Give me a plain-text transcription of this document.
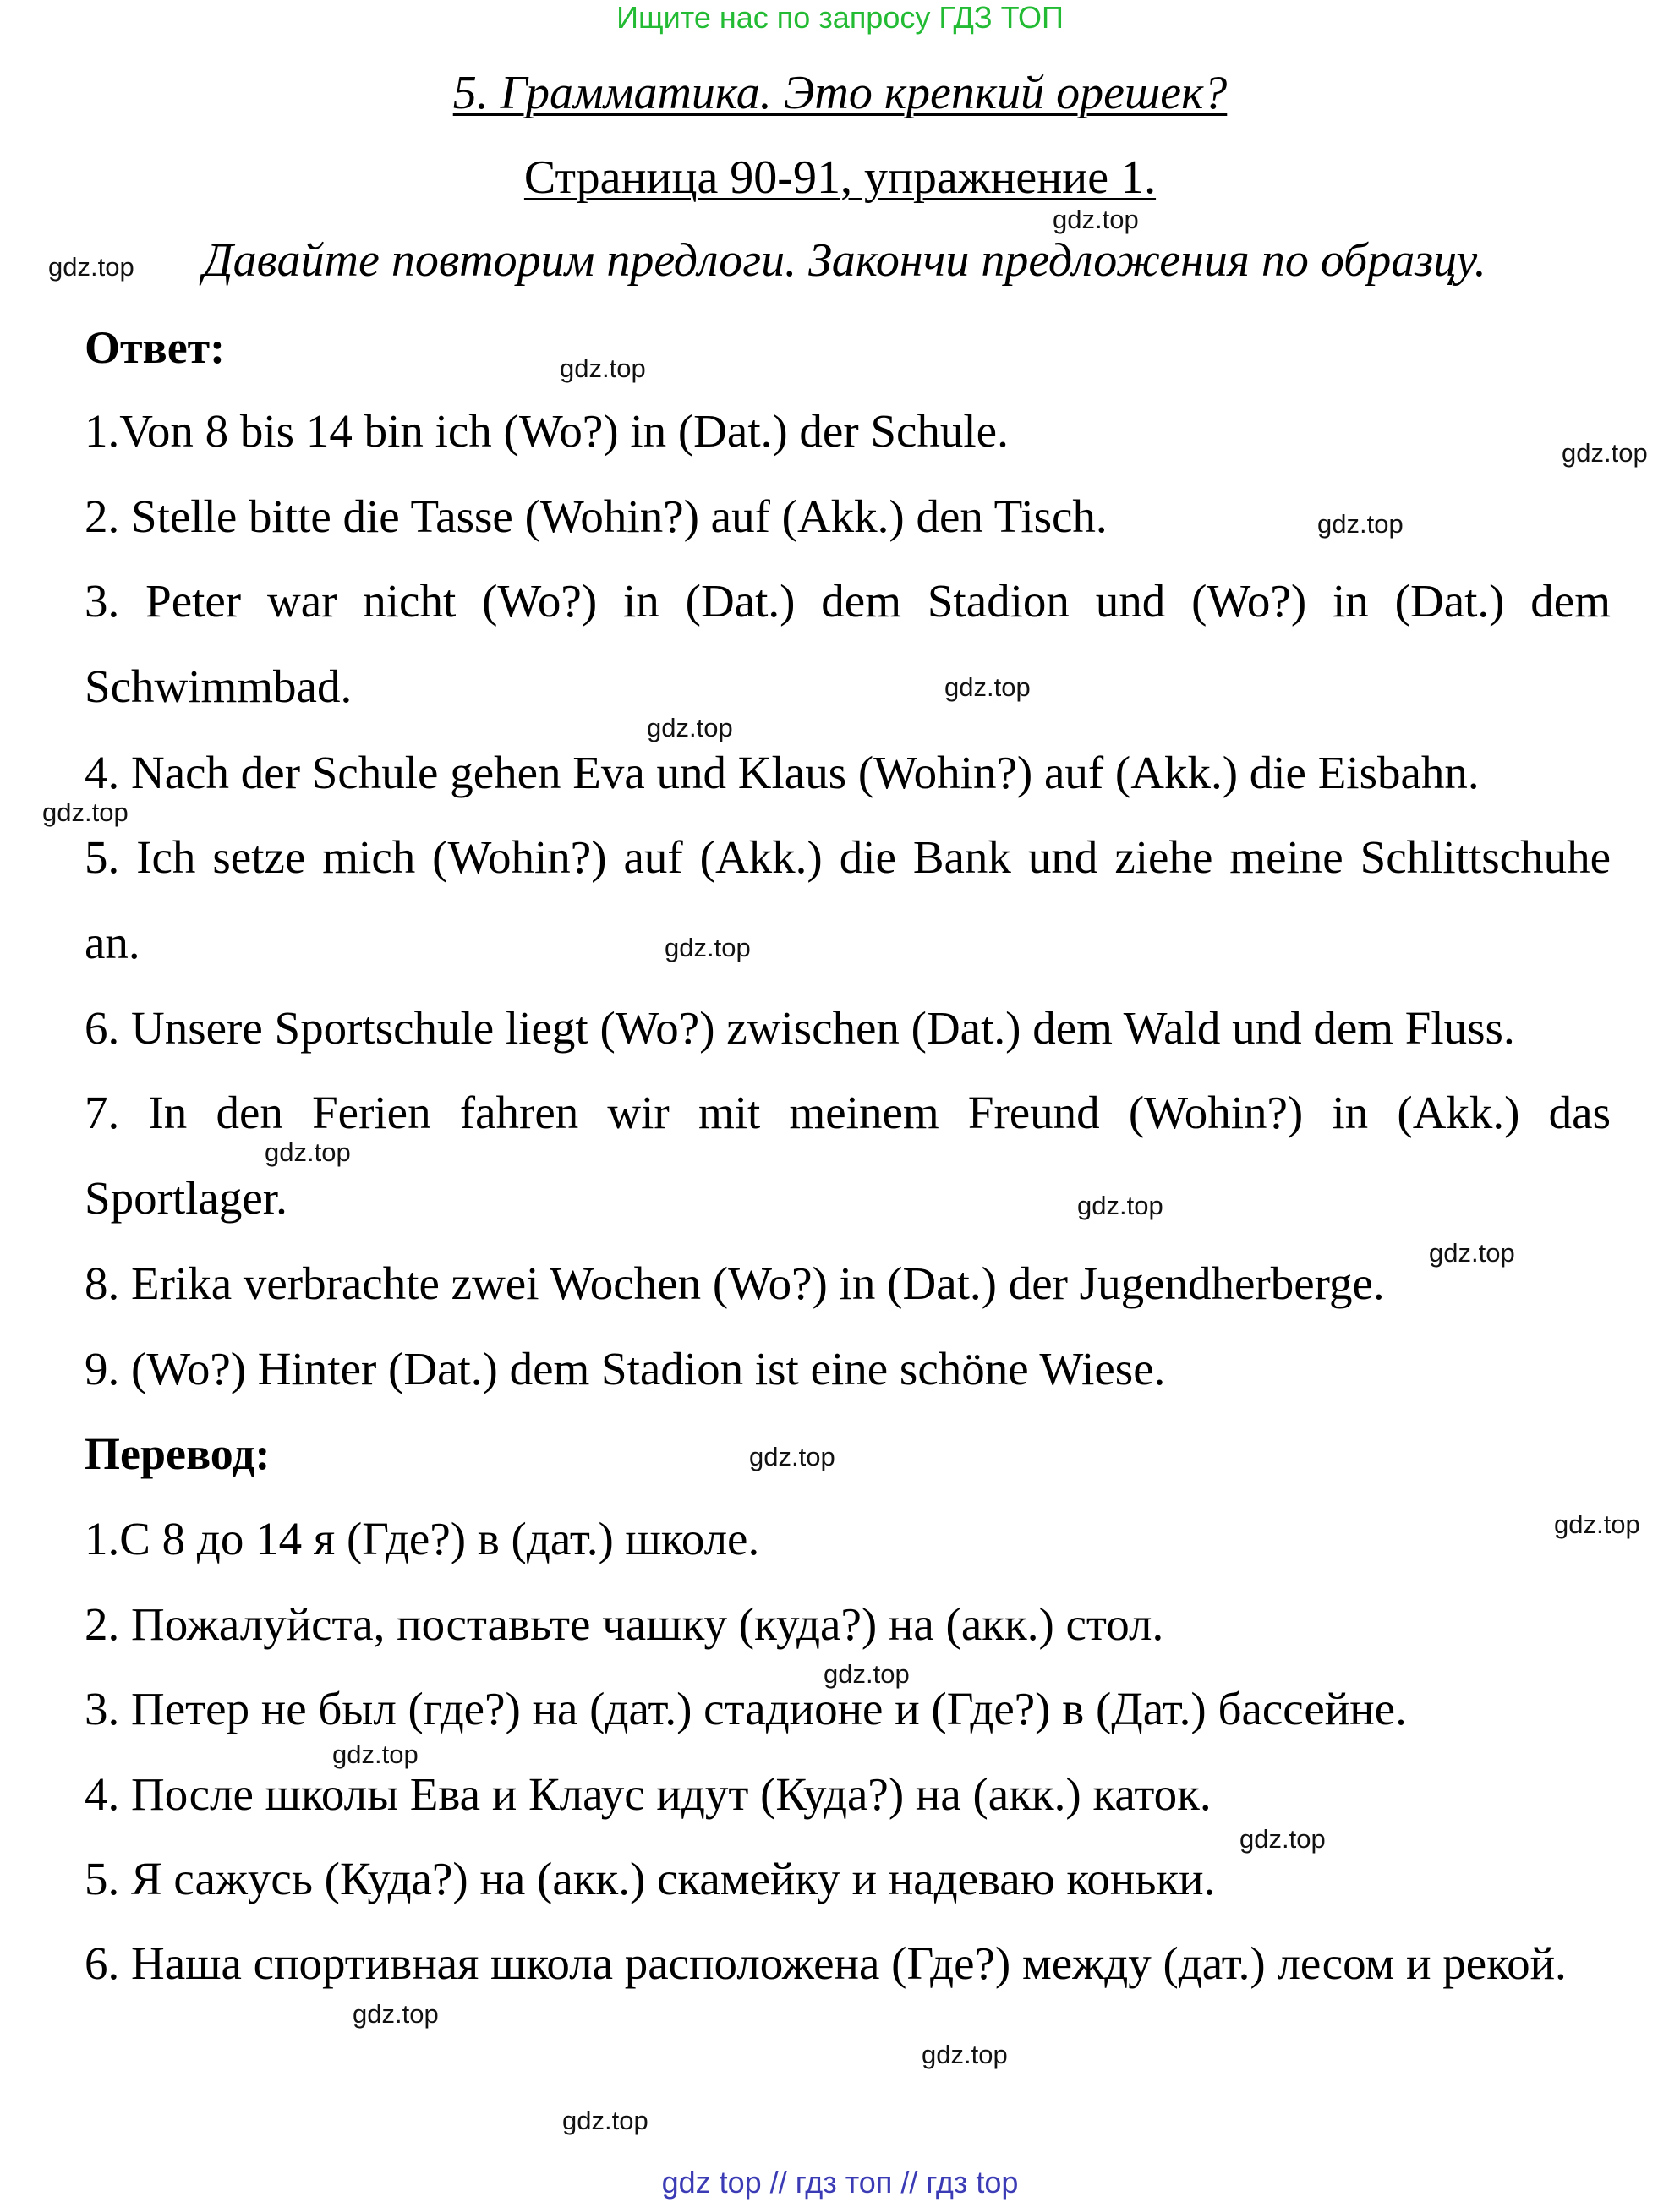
Ищите нас по запросу ГДЗ ТОП
5. Грамматика. Это крепкий орешек?
Страница 90-91, упражнение 1.
Давайте повторим предлоги. Закончи предложения по образцу.
Ответ:
1.Von 8 bis 14 bin ich (Wo?) in (Dat.) der Schule.
2. Stelle bitte die Tasse (Wohin?) auf (Akk.) den Tisch.
3. Peter war nicht (Wo?) in (Dat.) dem Stadion und (Wo?) in (Dat.) dem Schwimmbad.
4. Nach der Schule gehen Eva und Klaus (Wohin?) auf (Akk.) die Eisbahn.
5. Ich setze mich (Wohin?) auf (Akk.) die Bank und ziehe meine Schlittschuhe an.
6. Unsere Sportschule liegt (Wo?) zwischen (Dat.) dem Wald und dem Fluss.
7. In den Ferien fahren wir mit meinem Freund (Wohin?) in (Akk.) das Sportlager.
8. Erika verbrachte zwei Wochen (Wo?) in (Dat.) der Jugendherberge.
9. (Wo?) Hinter (Dat.) dem Stadion ist eine schöne Wiese.
Перевод:
1.С 8 до 14 я (Где?) в (дат.) школе.
2. Пожалуйста, поставьте чашку (куда?) на (акк.) стол.
3. Петер не был (где?) на (дат.) стадионе и (Где?) в (Дат.) бассейне.
4. После школы Ева и Клаус идут (Куда?) на (акк.) каток.
5. Я сажусь (Куда?) на (акк.) скамейку и надеваю коньки.
6. Наша спортивная школа расположена (Где?) между (дат.) лесом и рекой.
gdz.top
gdz.top
gdz.top
gdz.top
gdz.top
gdz.top
gdz.top
gdz.top
gdz.top
gdz.top
gdz.top
gdz.top
gdz.top
gdz.top
gdz.top
gdz.top
gdz.top
gdz.top
gdz.top
gdz.top
gdz top // гдз топ // гдз top
